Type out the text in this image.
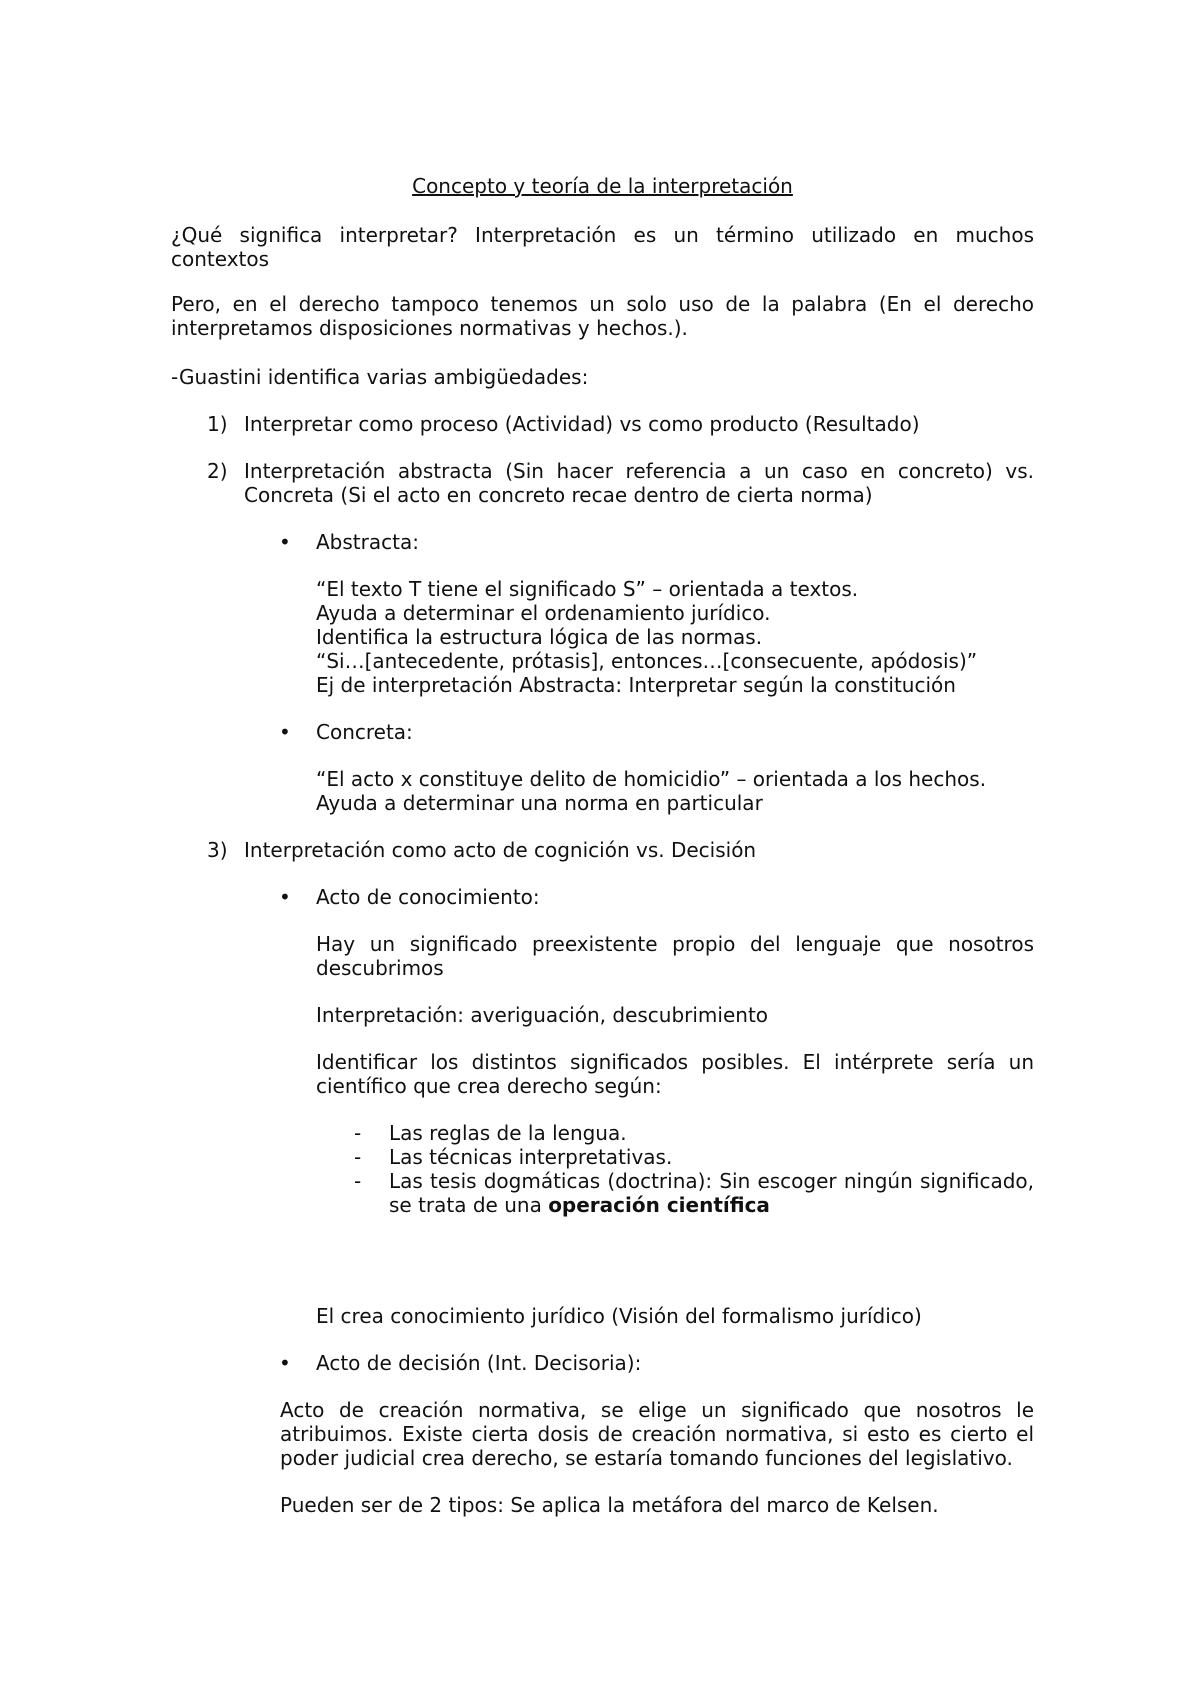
Concepto y teoría de la interpretación

¿Qué significa interpretar? Interpretación es un término utilizado en muchos contextos

Pero, en el derecho tampoco tenemos un solo uso de la palabra (En el derecho interpretamos disposiciones normativas y hechos.).

-Guastini identifica varias ambigüedades:

1) Interpretar como proceso (Actividad) vs como producto (Resultado)

2) Interpretación abstracta (Sin hacer referencia a un caso en concreto) vs. Concreta (Si el acto en concreto recae dentro de cierta norma)

• Abstracta:

“El texto T tiene el significado S” – orientada a textos.

Ayuda a determinar el ordenamiento jurídico.

Identifica la estructura lógica de las normas.

“Si…[antecedente, prótasis], entonces…[consecuente, apódosis)”

Ej de interpretación Abstracta: Interpretar según la constitución

• Concreta:

“El acto x constituye delito de homicidio” – orientada a los hechos.

Ayuda a determinar una norma en particular

3) Interpretación como acto de cognición vs. Decisión

• Acto de conocimiento:

Hay un significado preexistente propio del lenguaje que nosotros descubrimos

Interpretación: averiguación, descubrimiento

Identificar los distintos significados posibles. El intérprete sería un científico que crea derecho según:

- Las reglas de la lengua.

- Las técnicas interpretativas.

- Las tesis dogmáticas (doctrina): Sin escoger ningún significado, se trata de una operación científica

El crea conocimiento jurídico (Visión del formalismo jurídico)

• Acto de decisión (Int. Decisoria):

Acto de creación normativa, se elige un significado que nosotros le atribuimos. Existe cierta dosis de creación normativa, si esto es cierto el poder judicial crea derecho, se estaría tomando funciones del legislativo.

Pueden ser de 2 tipos: Se aplica la metáfora del marco de Kelsen.
